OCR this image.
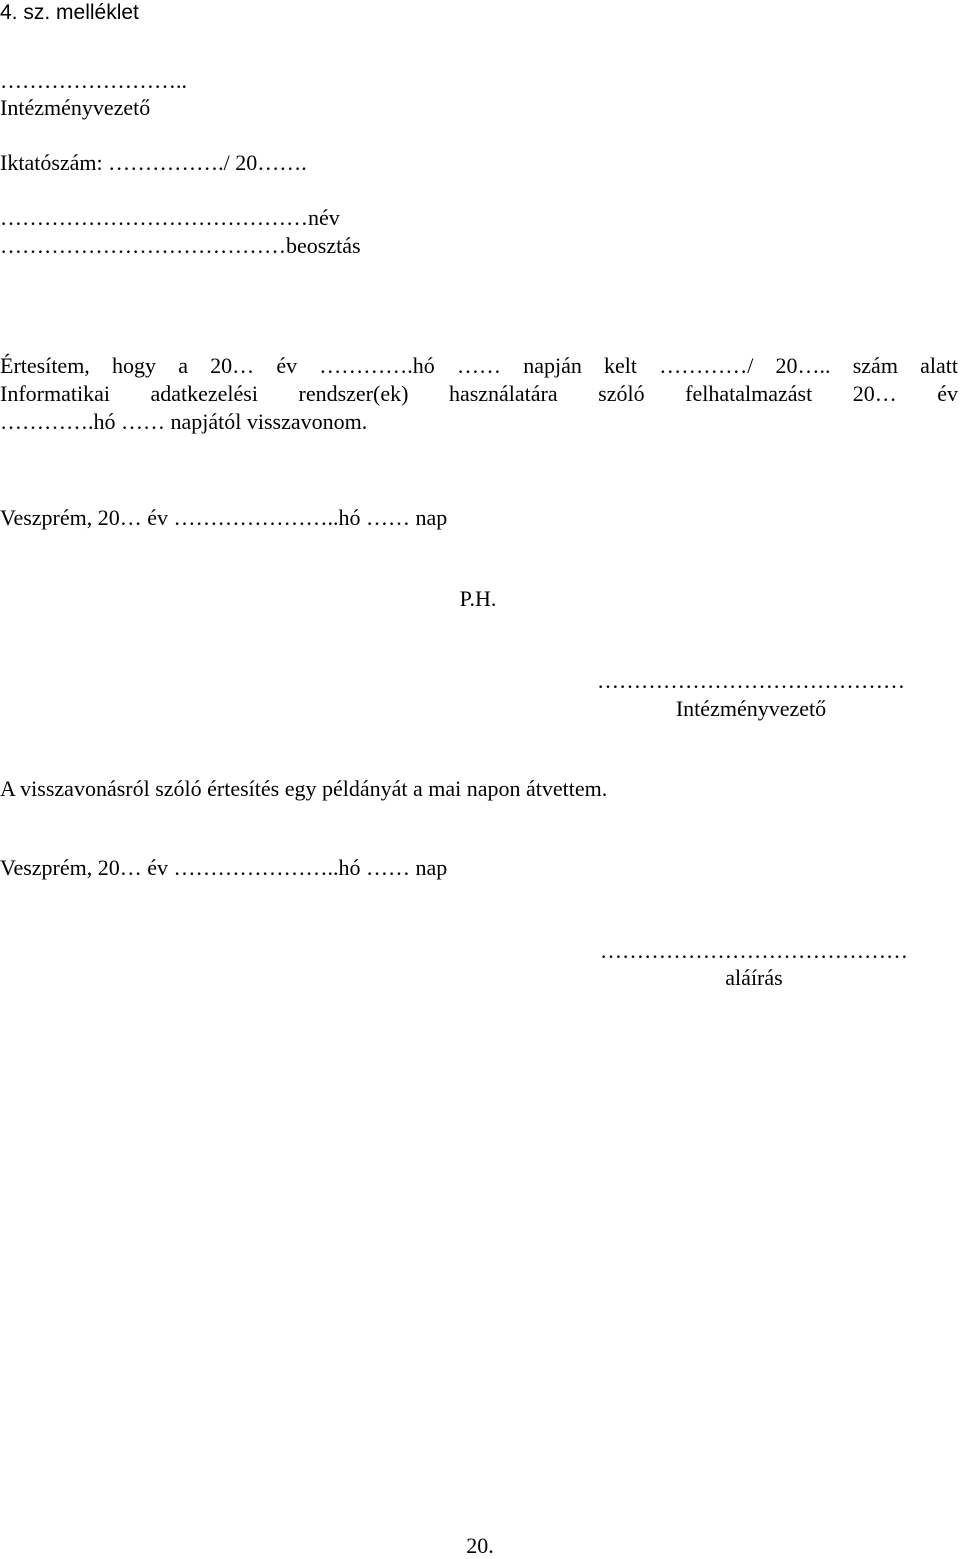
4. sz. melléklet
……………………..
Intézményvezető
Iktatószám: ……………./ 20…….
……………………………………név
…………………………………beosztás
Értesítem, hogy a 20… év ………….hó …… napján kelt …………/ 20….. szám alatt
Informatikai adatkezelési rendszer(ek) használatára szóló felhatalmazást 20… év
………….hó …… napjától visszavonom.
Veszprém, 20… év …………………..hó …… nap
P.H.
……………………………………
Intézményvezető
A visszavonásról szóló értesítés egy példányát a mai napon átvettem.
Veszprém, 20… év …………………..hó …… nap
……………………………………
aláírás
20.
